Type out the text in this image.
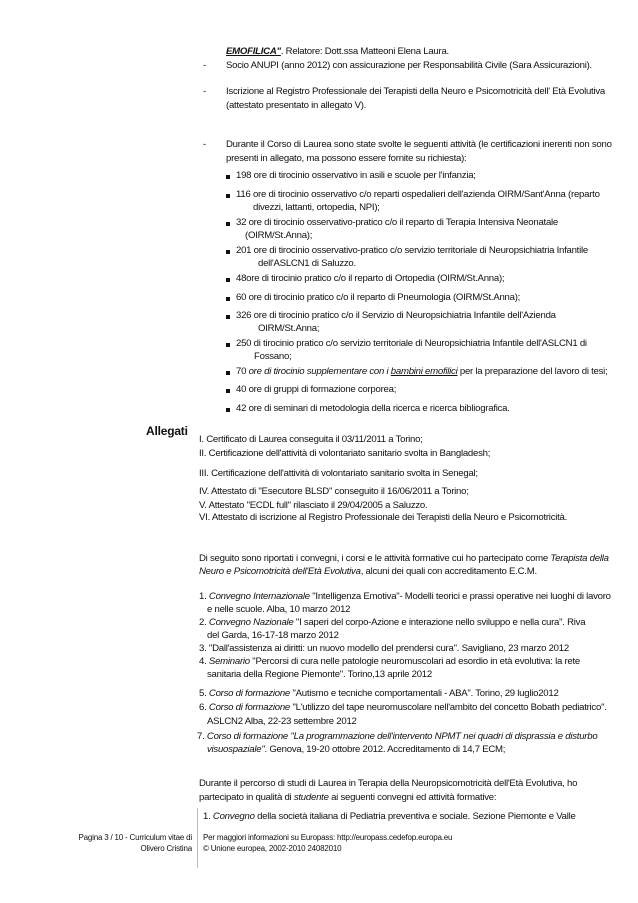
EMOFILICA". Relatore: Dott.ssa Matteoni Elena Laura.
- Socio ANUPI (anno 2012) con assicurazione per Responsabilità Civile (Sara Assicurazioni).
- Iscrizione al Registro Professionale dei Terapisti della Neuro e Psicomotricità dell' Età Evolutiva
(attestato presentato in allegato V).
- Durante il Corso di Laurea sono state svolte le seguenti attività (le certificazioni inerenti non sono
presenti in allegato, ma possono essere fornite su richiesta):
198 ore di tirocinio osservativo in asili e scuole per l'infanzia;
116 ore di tirocinio osservativo c/o reparti ospedalieri dell'azienda OIRM/Sant'Anna (reparto
divezzi, lattanti, ortopedia, NPI);
32 ore di tirocinio osservativo-pratico c/o il reparto di Terapia Intensiva Neonatale
(OIRM/St.Anna);
201 ore di tirocinio osservativo-pratico c/o servizio territoriale di Neuropsichiatria Infantile
dell'ASLCN1 di Saluzzo.
48ore di tirocinio pratico c/o il reparto di Ortopedia (OIRM/St.Anna);
60 ore di tirocinio pratico c/o il reparto di Pneumologia (OIRM/St.Anna);
326 ore di tirocinio pratico c/o il Servizio di Neuropsichiatria Infantile dell'Azienda
OIRM/St.Anna;
250 di tirocinio pratico c/o servizio territoriale di Neuropsichiatria Infantile dell'ASLCN1 di
Fossano;
70 ore di tirocinio supplementare con i bambini emofilici per la preparazione del lavoro di tesi;
40 ore di gruppi di formazione corporea;
42 ore di seminari di metodologia della ricerca e ricerca bibliografica.
Allegati
I. Certificato di Laurea conseguita il 03/11/2011 a Torino;
II. Certificazione dell'attività di volontariato sanitario svolta in Bangladesh;
III. Certificazione dell'attività di volontariato sanitario svolta in Senegal;
IV. Attestato di "Esecutore BLSD" conseguito il 16/06/2011 a Torino;
V. Attestato "ECDL full" rilasciato il 29/04/2005 a Saluzzo.
VI. Attestato di iscrizione al Registro Professionale dei Terapisti della Neuro e Psicomotricità.
Di seguito sono riportati i convegni, i corsi e le attività formative cui ho partecipato come Terapista della
Neuro e Psicomotricità dell'Età Evolutiva, alcuni dei quali con accreditamento E.C.M.
1. Convegno Internazionale "Intelligenza Emotiva"- Modelli teorici e prassi operative nei luoghi di lavoro
e nelle scuole. Alba, 10 marzo 2012
2. Convegno Nazionale "I saperi del corpo-Azione e interazione nello sviluppo e nella cura". Riva
del Garda, 16-17-18 marzo 2012
3. "Dall'assistenza ai diritti: un nuovo modello del prendersi cura". Savigliano, 23 marzo 2012
4. Seminario "Percorsi di cura nelle patologie neuromuscolari ad esordio in età evolutiva: la rete
sanitaria della Regione Piemonte". Torino,13 aprile 2012
5. Corso di formazione "Autismo e tecniche comportamentali - ABA". Torino, 29 luglio2012
6. Corso di formazione "L'utilizzo del tape neuromuscolare nell'ambito del concetto Bobath pediatrico".
ASLCN2 Alba, 22-23 settembre 2012
7. Corso di formazione "La programmazione dell'intervento NPMT nei quadri di disprassia e disturbo
visuospaziale". Genova, 19-20 ottobre 2012. Accreditamento di 14,7 ECM;
Durante il percorso di studi di Laurea in Terapia della Neuropsicomotricità dell'Età Evolutiva, ho
partecipato in qualità di studente ai seguenti convegni ed attività formative:
1. Convegno della società italiana di Pediatria preventiva e sociale. Sezione Piemonte e Valle
Pagina 3 / 10 - Curriculum vitae di
Olivero Cristina
Per maggiori informazioni su Europass: http://europass.cedefop.europa.eu
© Unione europea, 2002-2010 24082010
